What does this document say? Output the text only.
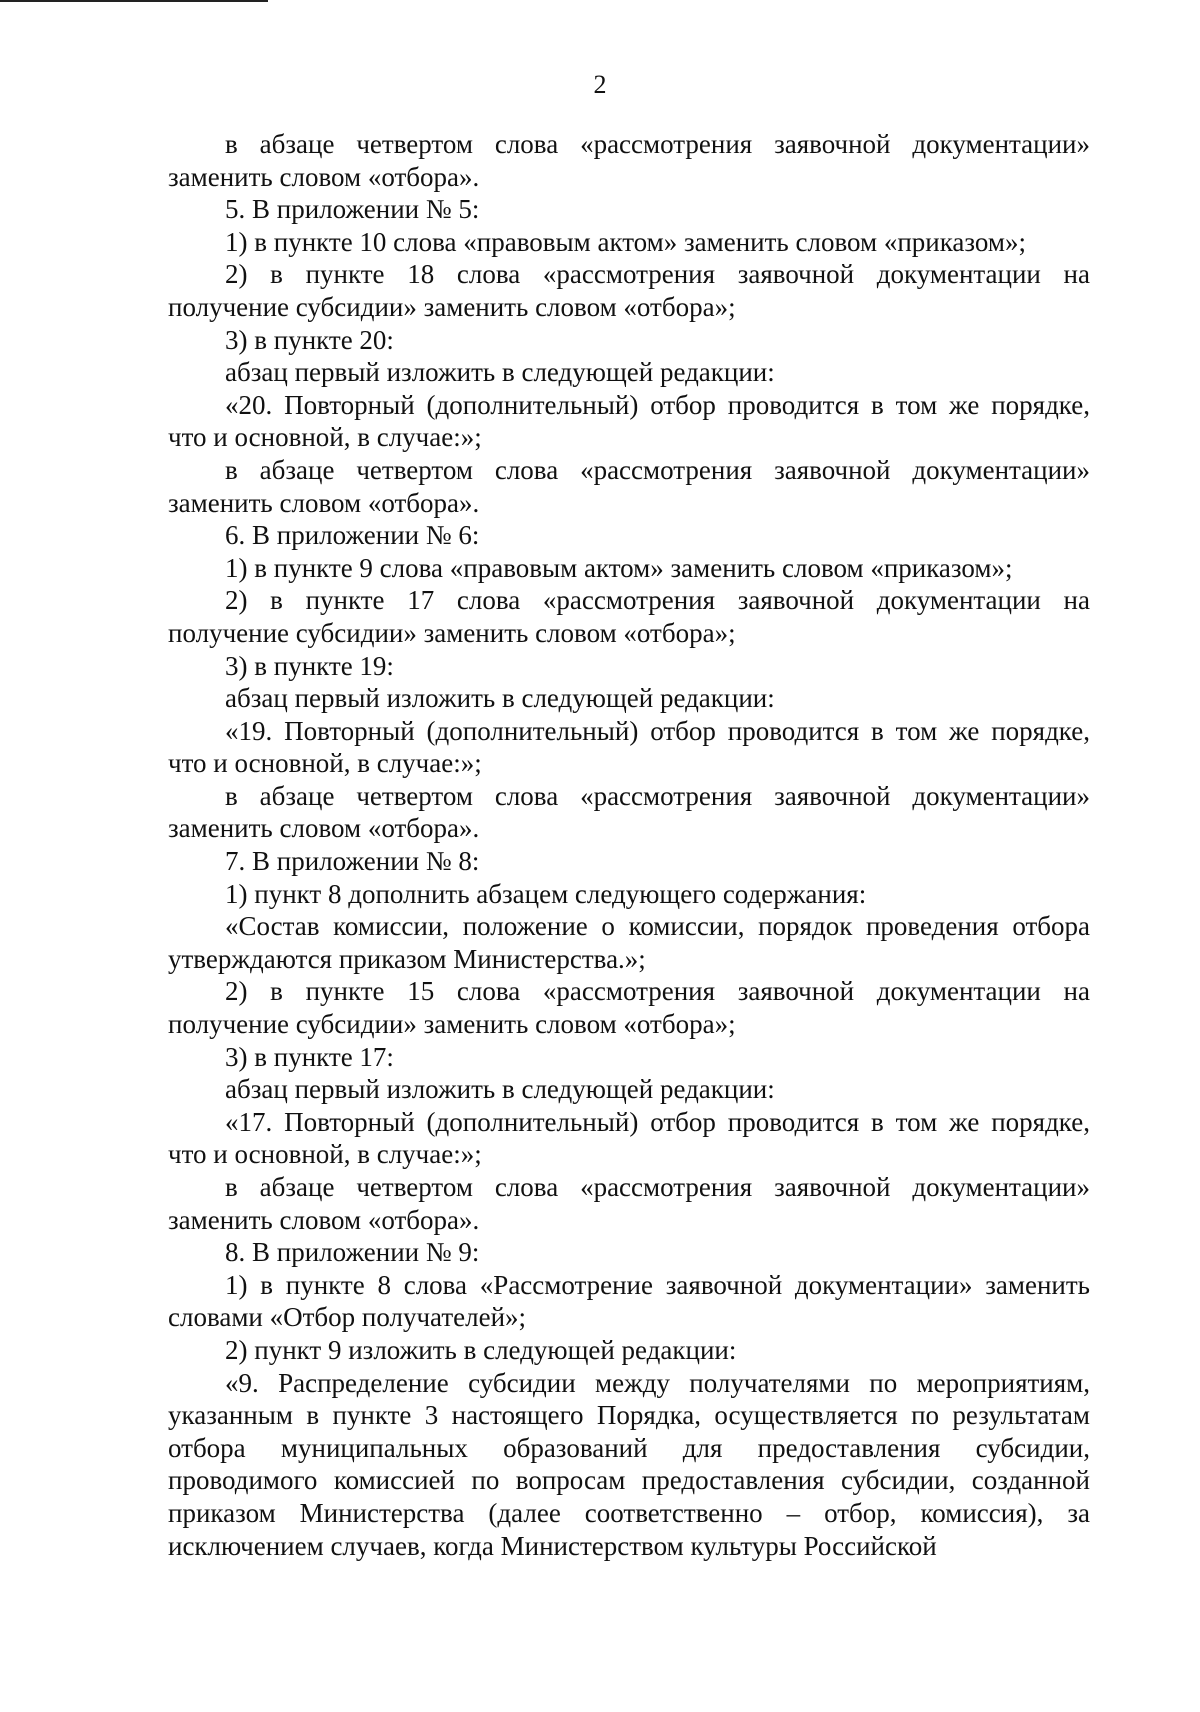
2

в абзаце четвертом слова «рассмотрения заявочной документации» заменить словом «отбора».

5. В приложении № 5:

1) в пункте 10 слова «правовым актом» заменить словом «приказом»;

2) в пункте 18 слова «рассмотрения заявочной документации на получение субсидии» заменить словом «отбора»;

3) в пункте 20:

абзац первый изложить в следующей редакции:

«20. Повторный (дополнительный) отбор проводится в том же порядке, что и основной, в случае:»;

в абзаце четвертом слова «рассмотрения заявочной документации» заменить словом «отбора».

6. В приложении № 6:

1) в пункте 9 слова «правовым актом» заменить словом «приказом»;

2) в пункте 17 слова «рассмотрения заявочной документации на получение субсидии» заменить словом «отбора»;

3) в пункте 19:

абзац первый изложить в следующей редакции:

«19. Повторный (дополнительный) отбор проводится в том же порядке, что и основной, в случае:»;

в абзаце четвертом слова «рассмотрения заявочной документации» заменить словом «отбора».

7. В приложении № 8:

1) пункт 8 дополнить абзацем следующего содержания:

«Состав комиссии, положение о комиссии, порядок проведения отбора утверждаются приказом Министерства.»;

2) в пункте 15 слова «рассмотрения заявочной документации на получение субсидии» заменить словом «отбора»;

3) в пункте 17:

абзац первый изложить в следующей редакции:

«17. Повторный (дополнительный) отбор проводится в том же порядке, что и основной, в случае:»;

в абзаце четвертом слова «рассмотрения заявочной документации» заменить словом «отбора».

8. В приложении № 9:

1) в пункте 8 слова «Рассмотрение заявочной документации» заменить словами «Отбор получателей»;

2) пункт 9 изложить в следующей редакции:

«9. Распределение субсидии между получателями по мероприятиям, указанным в пункте 3 настоящего Порядка, осуществляется по результатам отбора муниципальных образований для предоставления субсидии, проводимого комиссией по вопросам предоставления субсидии, созданной приказом Министерства (далее соответственно – отбор, комиссия), за исключением случаев, когда Министерством культуры Российской
